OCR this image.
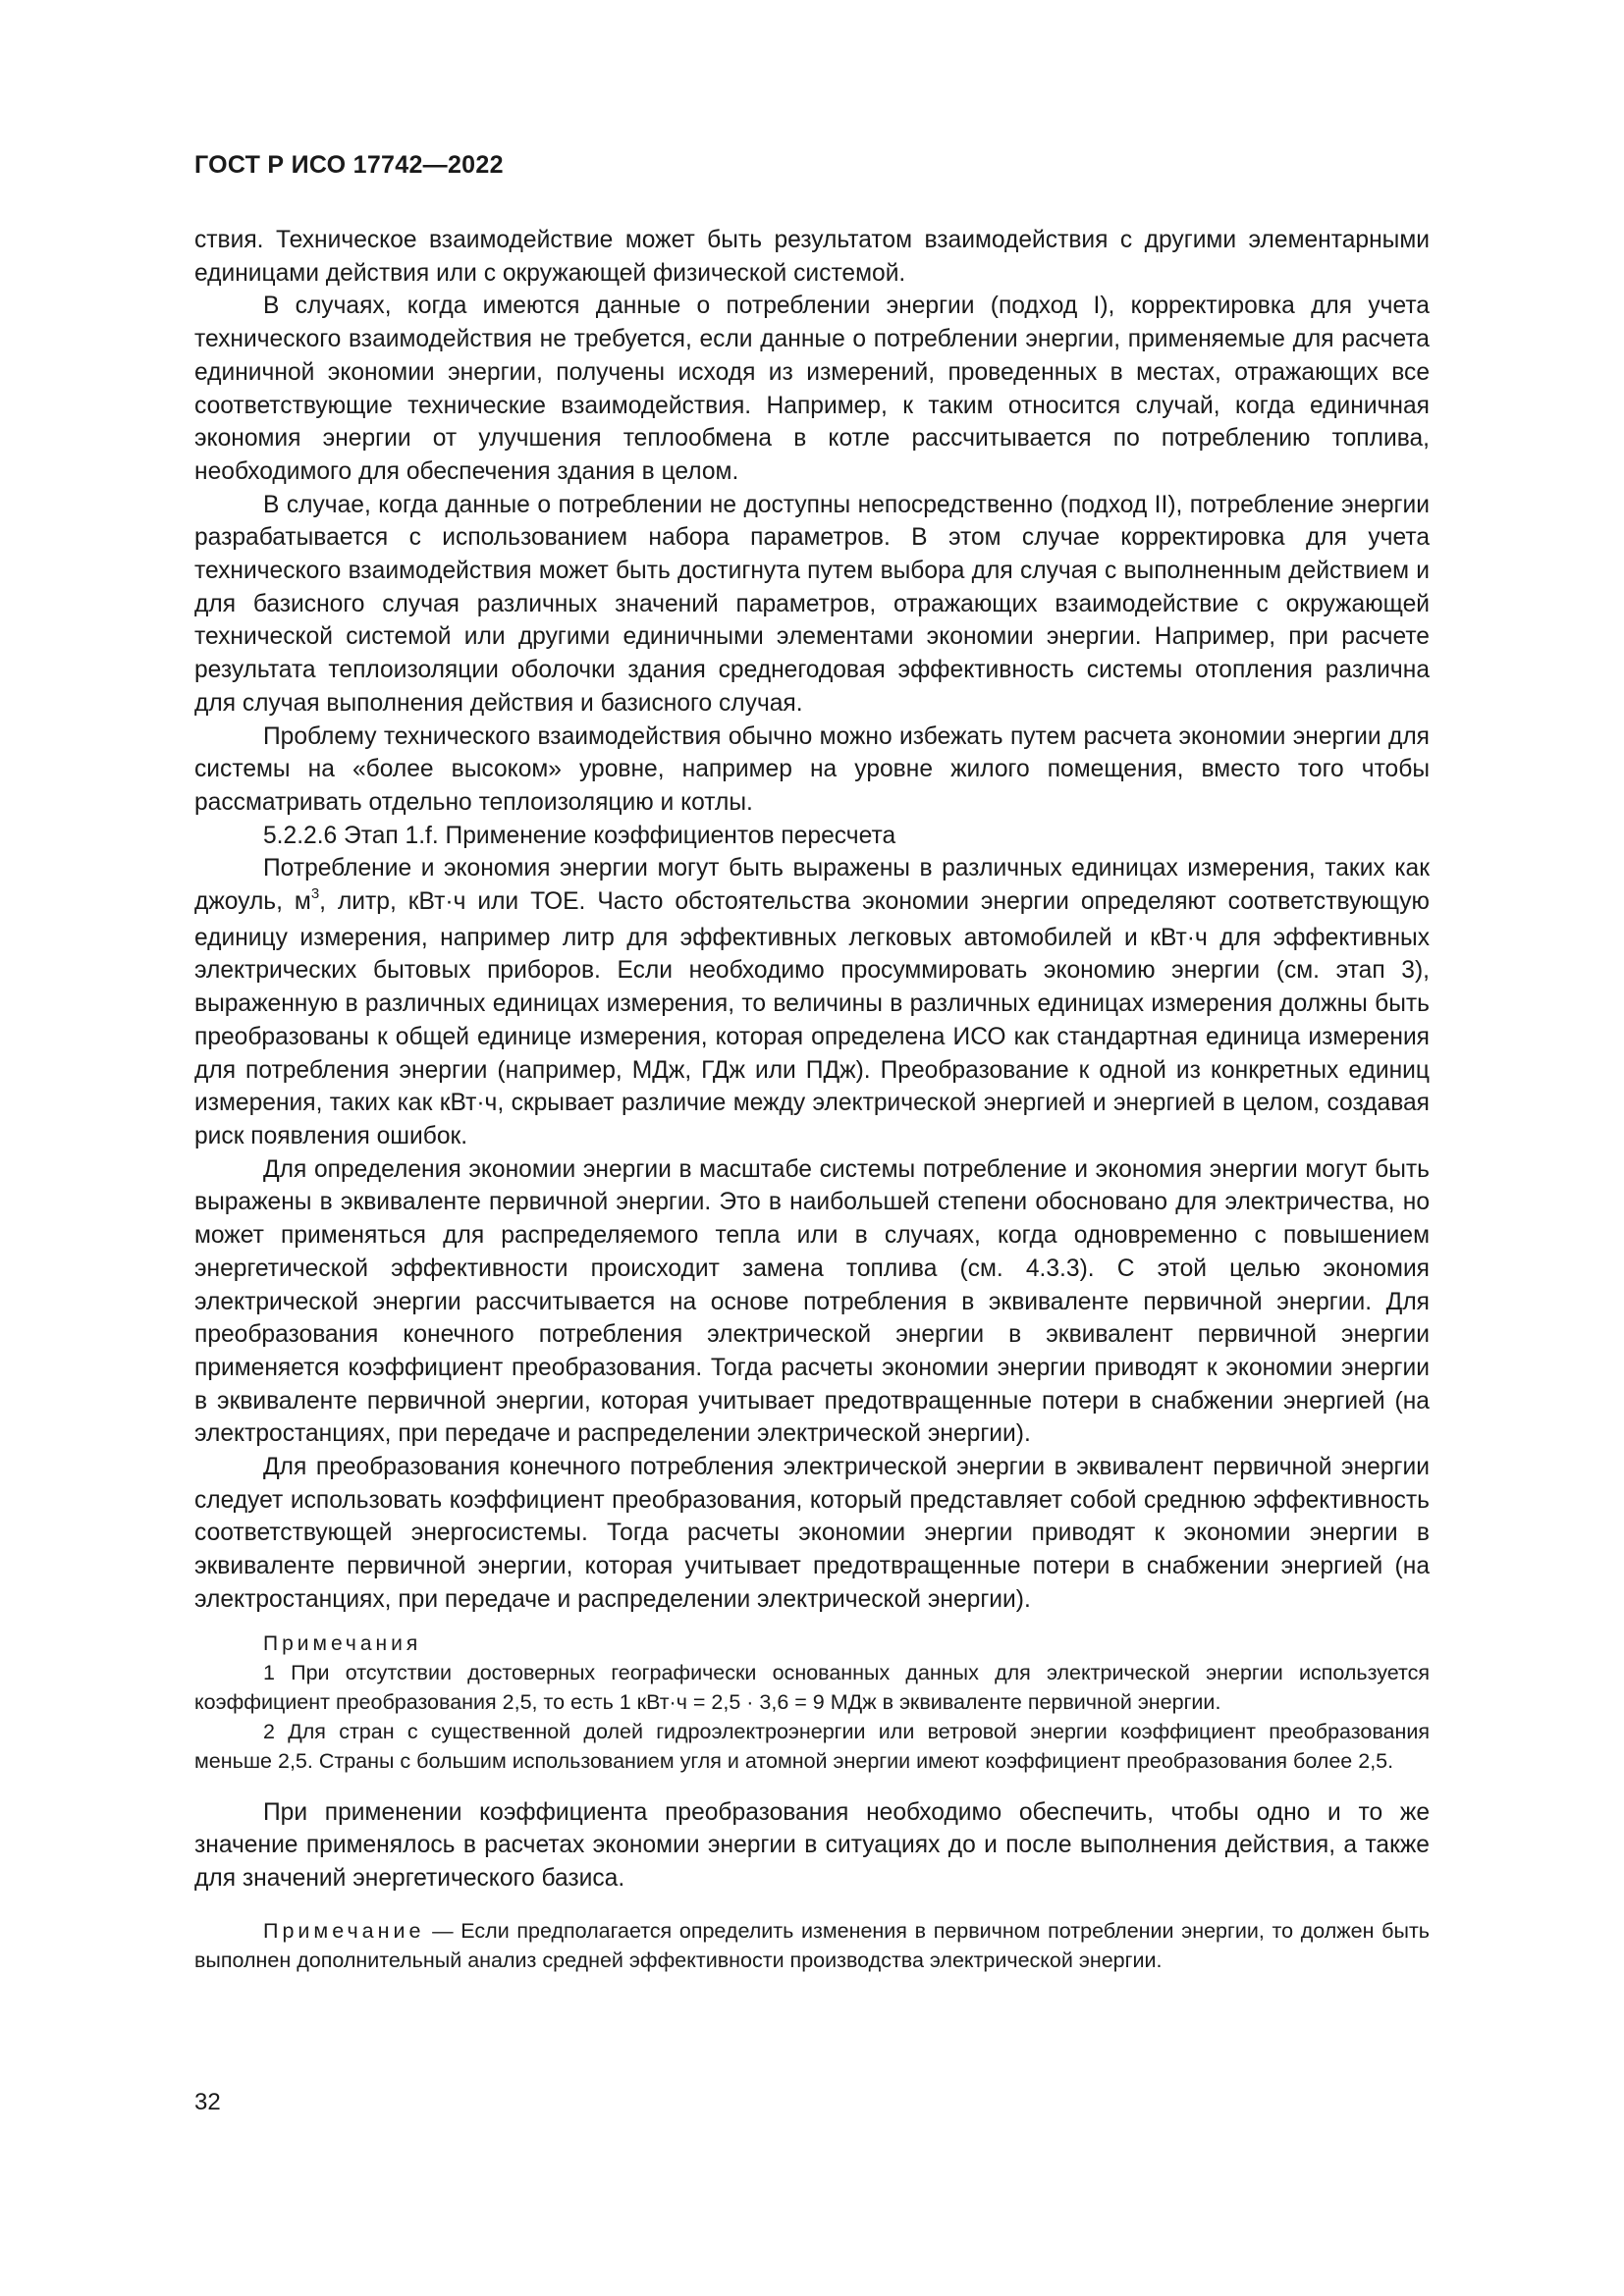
ГОСТ Р ИСО 17742—2022

ствия. Техническое взаимодействие может быть результатом взаимодействия с другими элементарными единицами действия или с окружающей физической системой.

В случаях, когда имеются данные о потреблении энергии (подход I), корректировка для учета технического взаимодействия не требуется, если данные о потреблении энергии, применяемые для расчета единичной экономии энергии, получены исходя из измерений, проведенных в местах, отражающих все соответствующие технические взаимодействия. Например, к таким относится случай, когда единичная экономия энергии от улучшения теплообмена в котле рассчитывается по потреблению топлива, необходимого для обеспечения здания в целом.

В случае, когда данные о потреблении не доступны непосредственно (подход II), потребление энергии разрабатывается с использованием набора параметров. В этом случае корректировка для учета технического взаимодействия может быть достигнута путем выбора для случая с выполненным действием и для базисного случая различных значений параметров, отражающих взаимодействие с окружающей технической системой или другими единичными элементами экономии энергии. Например, при расчете результата теплоизоляции оболочки здания среднегодовая эффективность системы отопления различна для случая выполнения действия и базисного случая.

Проблему технического взаимодействия обычно можно избежать путем расчета экономии энергии для системы на «более высоком» уровне, например на уровне жилого помещения, вместо того чтобы рассматривать отдельно теплоизоляцию и котлы.

5.2.2.6 Этап 1.f. Применение коэффициентов пересчета

Потребление и экономия энергии могут быть выражены в различных единицах измерения, таких как джоуль, $м^3$, литр, кВт·ч или ТОЕ. Часто обстоятельства экономии энергии определяют соответствующую единицу измерения, например литр для эффективных легковых автомобилей и кВт·ч для эффективных электрических бытовых приборов. Если необходимо просуммировать экономию энергии (см. этап 3), выраженную в различных единицах измерения, то величины в различных единицах измерения должны быть преобразованы к общей единице измерения, которая определена ИСО как стандартная единица измерения для потребления энергии (например, МДж, ГДж или ПДж). Преобразование к одной из конкретных единиц измерения, таких как кВт·ч, скрывает различие между электрической энергией и энергией в целом, создавая риск появления ошибок.

Для определения экономии энергии в масштабе системы потребление и экономия энергии могут быть выражены в эквиваленте первичной энергии. Это в наибольшей степени обосновано для электричества, но может применяться для распределяемого тепла или в случаях, когда одновременно с повышением энергетической эффективности происходит замена топлива (см. 4.3.3). С этой целью экономия электрической энергии рассчитывается на основе потребления в эквиваленте первичной энергии. Для преобразования конечного потребления электрической энергии в эквивалент первичной энергии применяется коэффициент преобразования. Тогда расчеты экономии энергии приводят к экономии энергии в эквиваленте первичной энергии, которая учитывает предотвращенные потери в снабжении энергией (на электростанциях, при передаче и распределении электрической энергии).

Для преобразования конечного потребления электрической энергии в эквивалент первичной энергии следует использовать коэффициент преобразования, который представляет собой среднюю эффективность соответствующей энергосистемы. Тогда расчеты экономии энергии приводят к экономии энергии в эквиваленте первичной энергии, которая учитывает предотвращенные потери в снабжении энергией (на электростанциях, при передаче и распределении электрической энергии).

Примечания

1 При отсутствии достоверных географически основанных данных для электрической энергии используется коэффициент преобразования 2,5, то есть 1 кВт·ч = 2,5 · 3,6 = 9 МДж в эквиваленте первичной энергии.

2 Для стран с существенной долей гидроэлектроэнергии или ветровой энергии коэффициент преобразования меньше 2,5. Страны с большим использованием угля и атомной энергии имеют коэффициент преобразования более 2,5.

При применении коэффициента преобразования необходимо обеспечить, чтобы одно и то же значение применялось в расчетах экономии энергии в ситуациях до и после выполнения действия, а также для значений энергетического базиса.

Примечание — Если предполагается определить изменения в первичном потреблении энергии, то должен быть выполнен дополнительный анализ средней эффективности производства электрической энергии.

32
